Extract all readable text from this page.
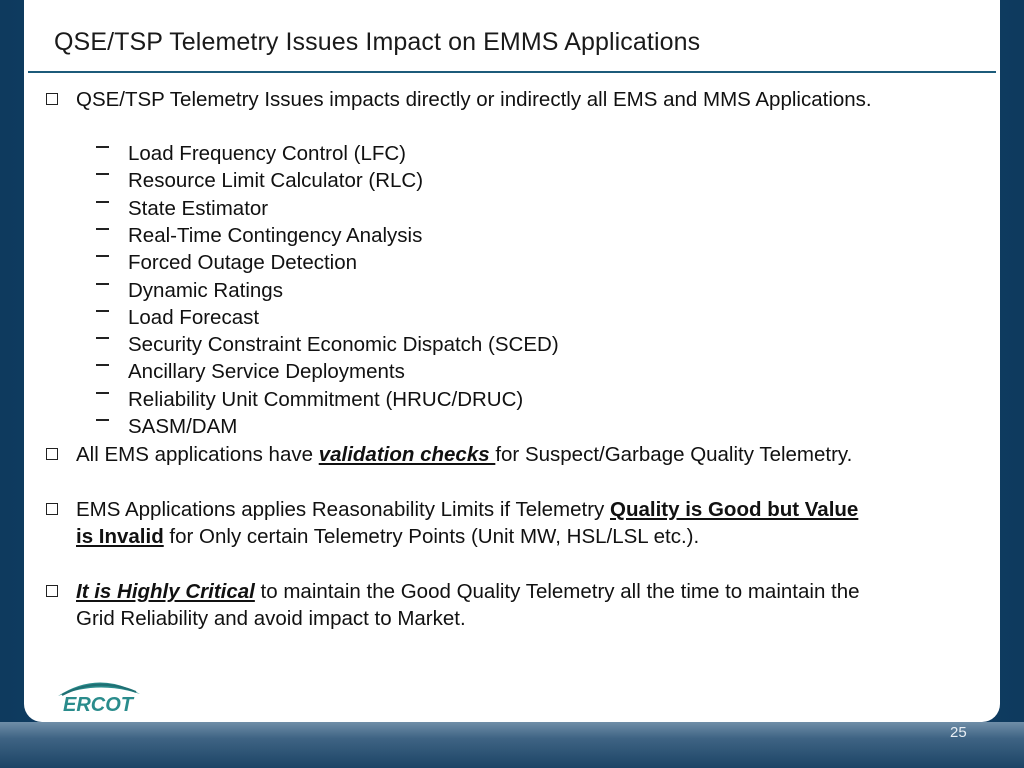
QSE/TSP Telemetry Issues Impact on EMMS Applications
QSE/TSP Telemetry Issues impacts directly or indirectly all EMS and MMS Applications.
Load Frequency Control (LFC)
Resource Limit Calculator (RLC)
State Estimator
Real-Time Contingency Analysis
Forced Outage Detection
Dynamic Ratings
Load Forecast
Security Constraint Economic Dispatch (SCED)
Ancillary Service Deployments
Reliability Unit Commitment (HRUC/DRUC)
SASM/DAM
All EMS applications have validation checks for Suspect/Garbage Quality Telemetry.
EMS Applications applies Reasonability Limits if Telemetry Quality is Good but Value
is Invalid for Only certain Telemetry Points (Unit MW, HSL/LSL etc.).
It is Highly Critical to maintain the Good Quality Telemetry all the time to maintain the
Grid Reliability and avoid impact to Market.
ERCOT
25
